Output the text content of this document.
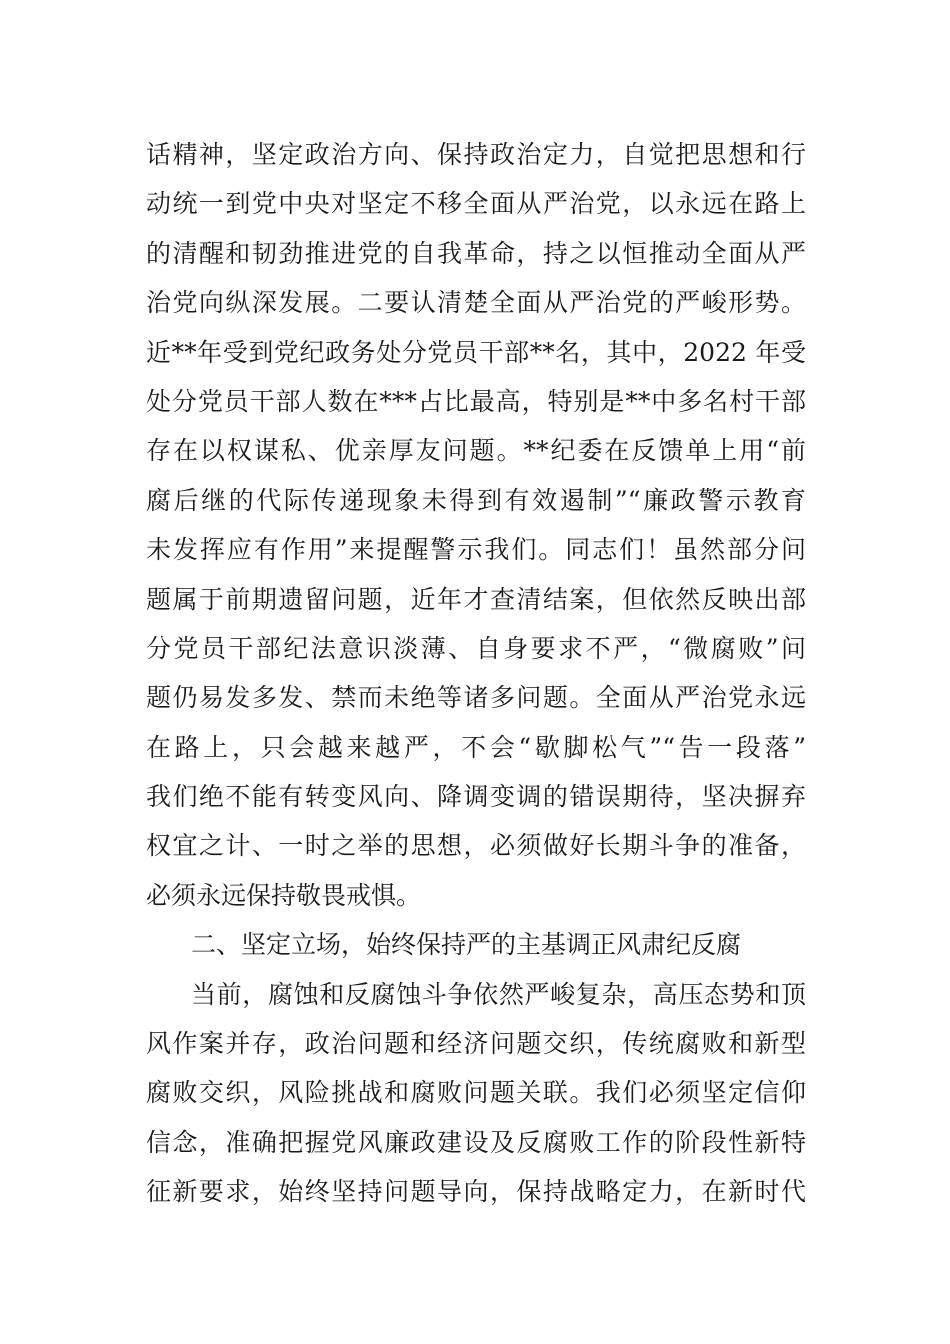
话精神，坚定政治方向、保持政治定力，自觉把思想和行
动统一到党中央对坚定不移全面从严治党，以永远在路上
的清醒和韧劲推进党的自我革命，持之以恒推动全面从严
治党向纵深发展。二要认清楚全面从严治党的严峻形势。
近**年受到党纪政务处分党员干部**名，其中，2022 年受
处分党员干部人数在***占比最高，特别是**中多名村干部
存在以权谋私、优亲厚友问题。**纪委在反馈单上用“前
腐后继的代际传递现象未得到有效遏制”“廉政警示教育
未发挥应有作用”来提醒警示我们。同志们！虽然部分问
题属于前期遗留问题，近年才查清结案，但依然反映出部
分党员干部纪法意识淡薄、自身要求不严，“微腐败”问
题仍易发多发、禁而未绝等诸多问题。全面从严治党永远
在路上，只会越来越严，不会“歇脚松气”“告一段落”
我们绝不能有转变风向、降调变调的错误期待，坚决摒弃
权宜之计、一时之举的思想，必须做好长期斗争的准备，
必须永远保持敬畏戒惧。
二、坚定立场，始终保持严的主基调正风肃纪反腐
当前，腐蚀和反腐蚀斗争依然严峻复杂，高压态势和顶
风作案并存，政治问题和经济问题交织，传统腐败和新型
腐败交织，风险挑战和腐败问题关联。我们必须坚定信仰
信念，准确把握党风廉政建设及反腐败工作的阶段性新特
征新要求，始终坚持问题导向，保持战略定力，在新时代
